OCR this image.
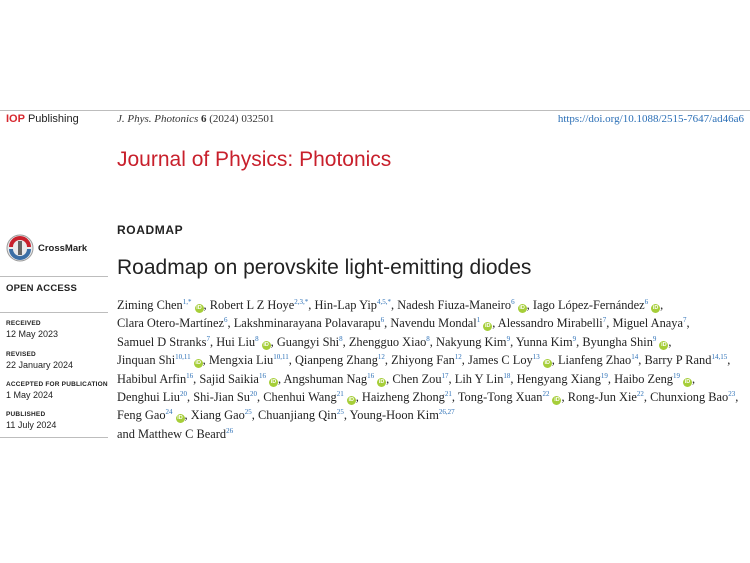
IOP Publishing	J. Phys. Photonics 6 (2024) 032501	https://doi.org/10.1088/2515-7647/ad46a6
Journal of Physics: Photonics
CrossMark
OPEN ACCESS
RECEIVED
12 May 2023
REVISED
22 January 2024
ACCEPTED FOR PUBLICATION
1 May 2024
PUBLISHED
11 July 2024
ROADMAP
Roadmap on perovskite light-emitting diodes
Ziming Chen$^{1,*}$iD , Robert L Z Hoye$^{2,3,*}$, Hin-Lap Yip$^{4,5,*}$, Nadesh Fiuza-Maneiro$^6$iD , Iago López-Fernández$^6$iD , Clara Otero-Martínez$^6$, Lakshminarayana Polavarapu$^6$, Navendu Mondal$^1$iD , Alessandro Mirabelli$^7$, Miguel Anaya$^7$, Samuel D Stranks$^7$, Hui Liu$^8$iD , Guangyi Shi$^8$, Zhengguo Xiao$^8$, Nakyung Kim$^9$, Yunna Kim$^9$, Byungha Shin$^9$iD , Jinquan Shi$^{10,11}$iD , Mengxia Liu$^{10,11}$, Qianpeng Zhang$^{12}$, Zhiyong Fan$^{12}$, James C Loy$^{13}$iD , Lianfeng Zhao$^{14}$, Barry P Rand$^{14,15}$, Habibul Arfin$^{16}$, Sajid Saikia$^{16}$iD , Angshuman Nag$^{16}$iD , Chen Zou$^{17}$, Lih Y Lin$^{18}$, Hengyang Xiang$^{19}$, Haibo Zeng$^{19}$iD , Denghui Liu$^{20}$, Shi-Jian Su$^{20}$, Chenhui Wang$^{21}$iD , Haizheng Zhong$^{21}$, Tong-Tong Xuan$^{22}$iD , Rong-Jun Xie$^{22}$, Chunxiong Bao$^{23}$, Feng Gao$^{24}$iD , Xiang Gao$^{25}$, Chuanjiang Qin$^{25}$, Young-Hoon Kim$^{26,27}$
and Matthew C Beard$^{26}$
